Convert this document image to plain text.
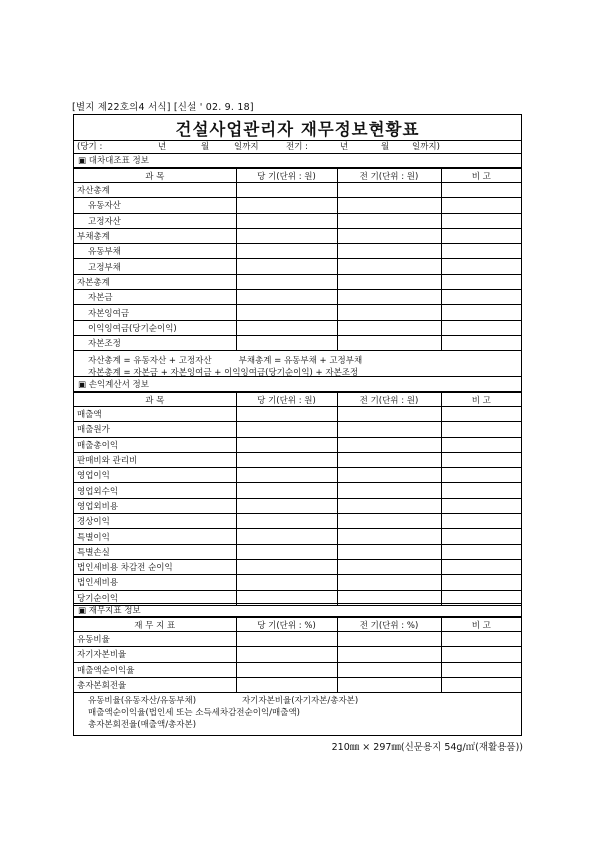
[별지 제22호의4 서식] [신설 ' 02. 9. 18]
건설사업관리자 재무정보현황표
(당기 :	년	월	일까지	전기 :	년	월	일까지)
▣ 대차대조표 정보
과 목	당 기(단위 : 원)	전 기(단위 : 원)	비 고
자산총계			
유동자산			
고정자산			
부채총계			
유동부채			
고정부채			
자본총계			
자본금			
자본잉여금			
이익잉여금(당기순이익)			
자본조정			
자산총계 = 유동자산 + 고정자산          부채총계 = 유동부채 + 고정부채
자본총계 = 자본금 + 자본잉여금 + 이익잉여금(당기순이익) + 자본조정
▣ 손익계산서 정보
과 목	당 기(단위 : 원)	전 기(단위 : 원)	비 고
매출액			
매출원가			
매출총이익			
판매비와 관리비			
영업이익			
영업외수익			
영업외비용			
경상이익			
특별이익			
특별손실			
법인세비용 차감전 순이익			
법인세비용			
당기순이익			
▣ 재무지표 정보
재 무 지 표	당 기(단위 : %)	전 기(단위 : %)	비 고
유동비율			
자기자본비율			
매출액순이익율			
총자본회전율			
유동비율(유동자산/유동부채)                 자기자본비율(자기자본/총자본)
매출액순이익율(법인세 또는 소득세차감전순이익/매출액)
총자본회전율(매출액/총자본)
210㎜ × 297㎜(신문용지 54g/㎡(재활용품))
